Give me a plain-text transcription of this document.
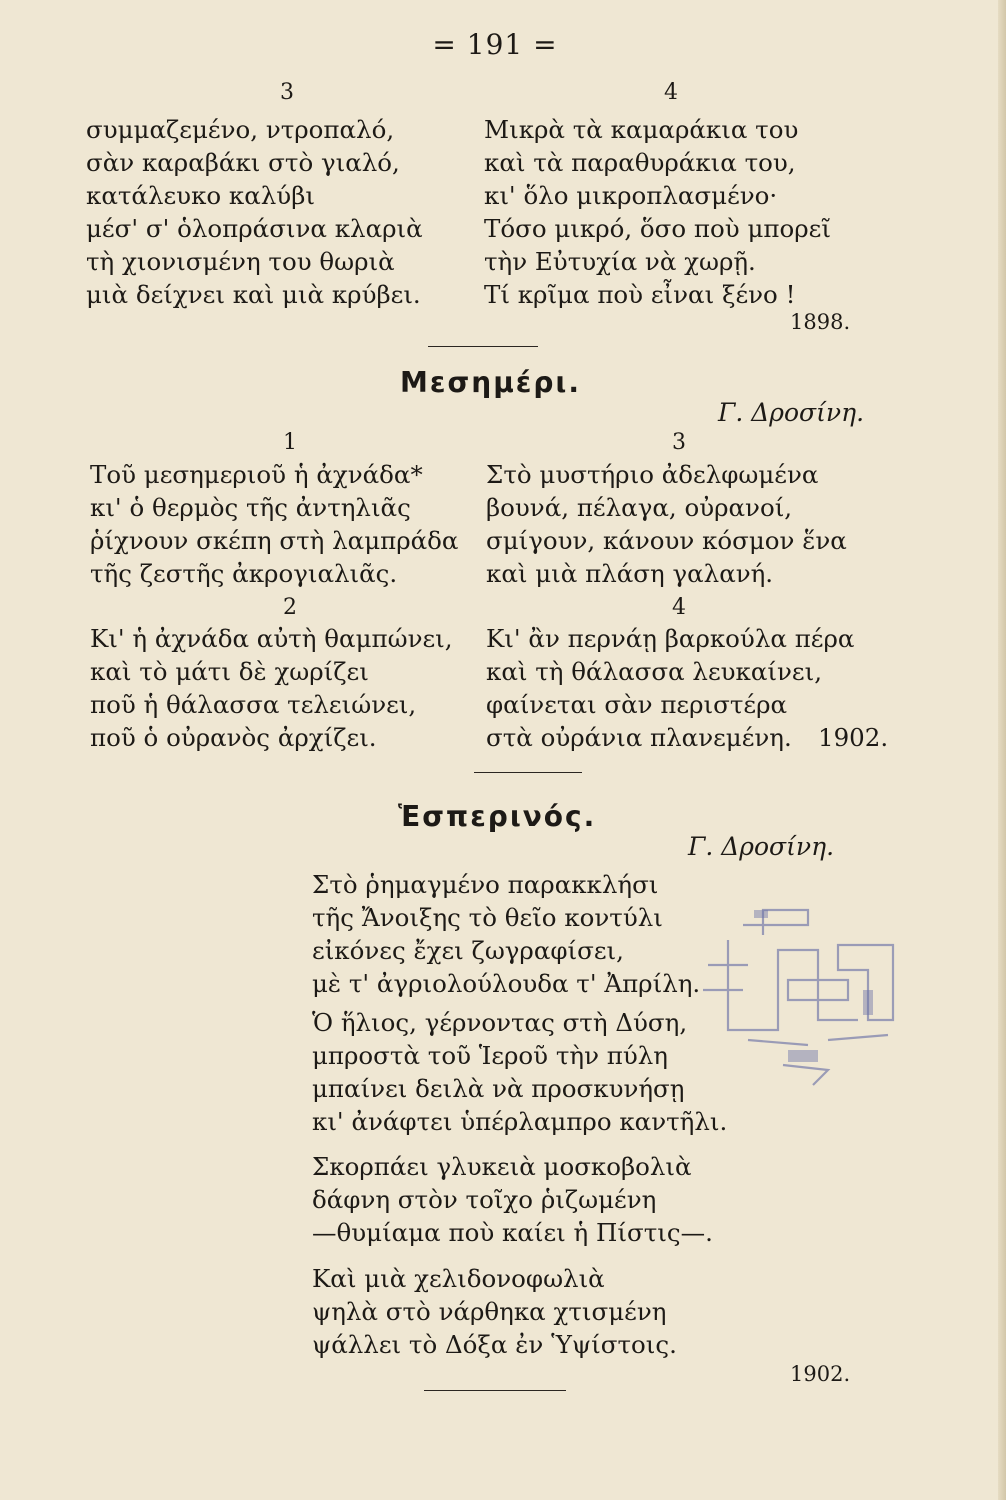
= 191 =
3
συμμαζεμένο, ντροπαλό,
σὰν καραβάκι στὸ γιαλό,
κατάλευκο καλύβι
μέσ' σ' ὁλοπράσινα κλαριὰ
τὴ χιονισμένη του θωριὰ
μιὰ δείχνει καὶ μιὰ κρύβει.
4
Μικρὰ τὰ καμαράκια του
καὶ τὰ παραθυράκια του,
κι' ὅλο μικροπλασμένο·
Τόσο μικρό, ὅσο ποὺ μπορεῖ
τὴν Εὐτυχία νὰ χωρῇ.
Τί κρῖμα ποὺ εἶναι ξένο !
1898.
Μεσημέρι.
Γ. Δροσίνη.
1
Τοῦ μεσημεριοῦ ἡ ἀχνάδα*
κι' ὁ θερμὸς τῆς ἀντηλιᾶς
ῥίχνουν σκέπη στὴ λαμπράδα
τῆς ζεστῆς ἀκρογιαλιᾶς.
2
Κι' ἡ ἀχνάδα αὐτὴ θαμπώνει,
καὶ τὸ μάτι δὲ χωρίζει
ποῦ ἡ θάλασσα τελειώνει,
ποῦ ὁ οὐρανὸς ἀρχίζει.
3
Στὸ μυστήριο ἀδελφωμένα
βουνά, πέλαγα, οὐρανοί,
σμίγουν, κάνουν κόσμον ἕνα
καὶ μιὰ πλάση γαλανή.
4
Κι' ἂν περνάῃ βαρκούλα πέρα
καὶ τὴ θάλασσα λευκαίνει,
φαίνεται σὰν περιστέρα
στὰ οὐράνια πλανεμένη.	1902.
Ἑσπερινός.
Γ. Δροσίνη.
Στὸ ῥημαγμένο παρακκλήσι
τῆς Ἄνοιξης τὸ θεῖο κοντύλι
εἰκόνες ἔχει ζωγραφίσει,
μὲ τ' ἀγριολούλουδα τ' Ἀπρίλη.
Ὁ ἥλιος, γέρνοντας στὴ Δύση,
μπροστὰ τοῦ Ἱεροῦ τὴν πύλη
μπαίνει δειλὰ νὰ προσκυνήσῃ
κι' ἀνάφτει ὑπέρλαμπρο καντῆλι.
Σκορπάει γλυκειὰ μοσκοβολιὰ
δάφνη στὸν τοῖχο ῥιζωμένη
—θυμίαμα ποὺ καίει ἡ Πίστις—.
Καὶ μιὰ χελιδονοφωλιὰ
ψηλὰ στὸ νάρθηκα χτισμένη
ψάλλει τὸ Δόξα ἐν Ὑψίστοις.
1902.
